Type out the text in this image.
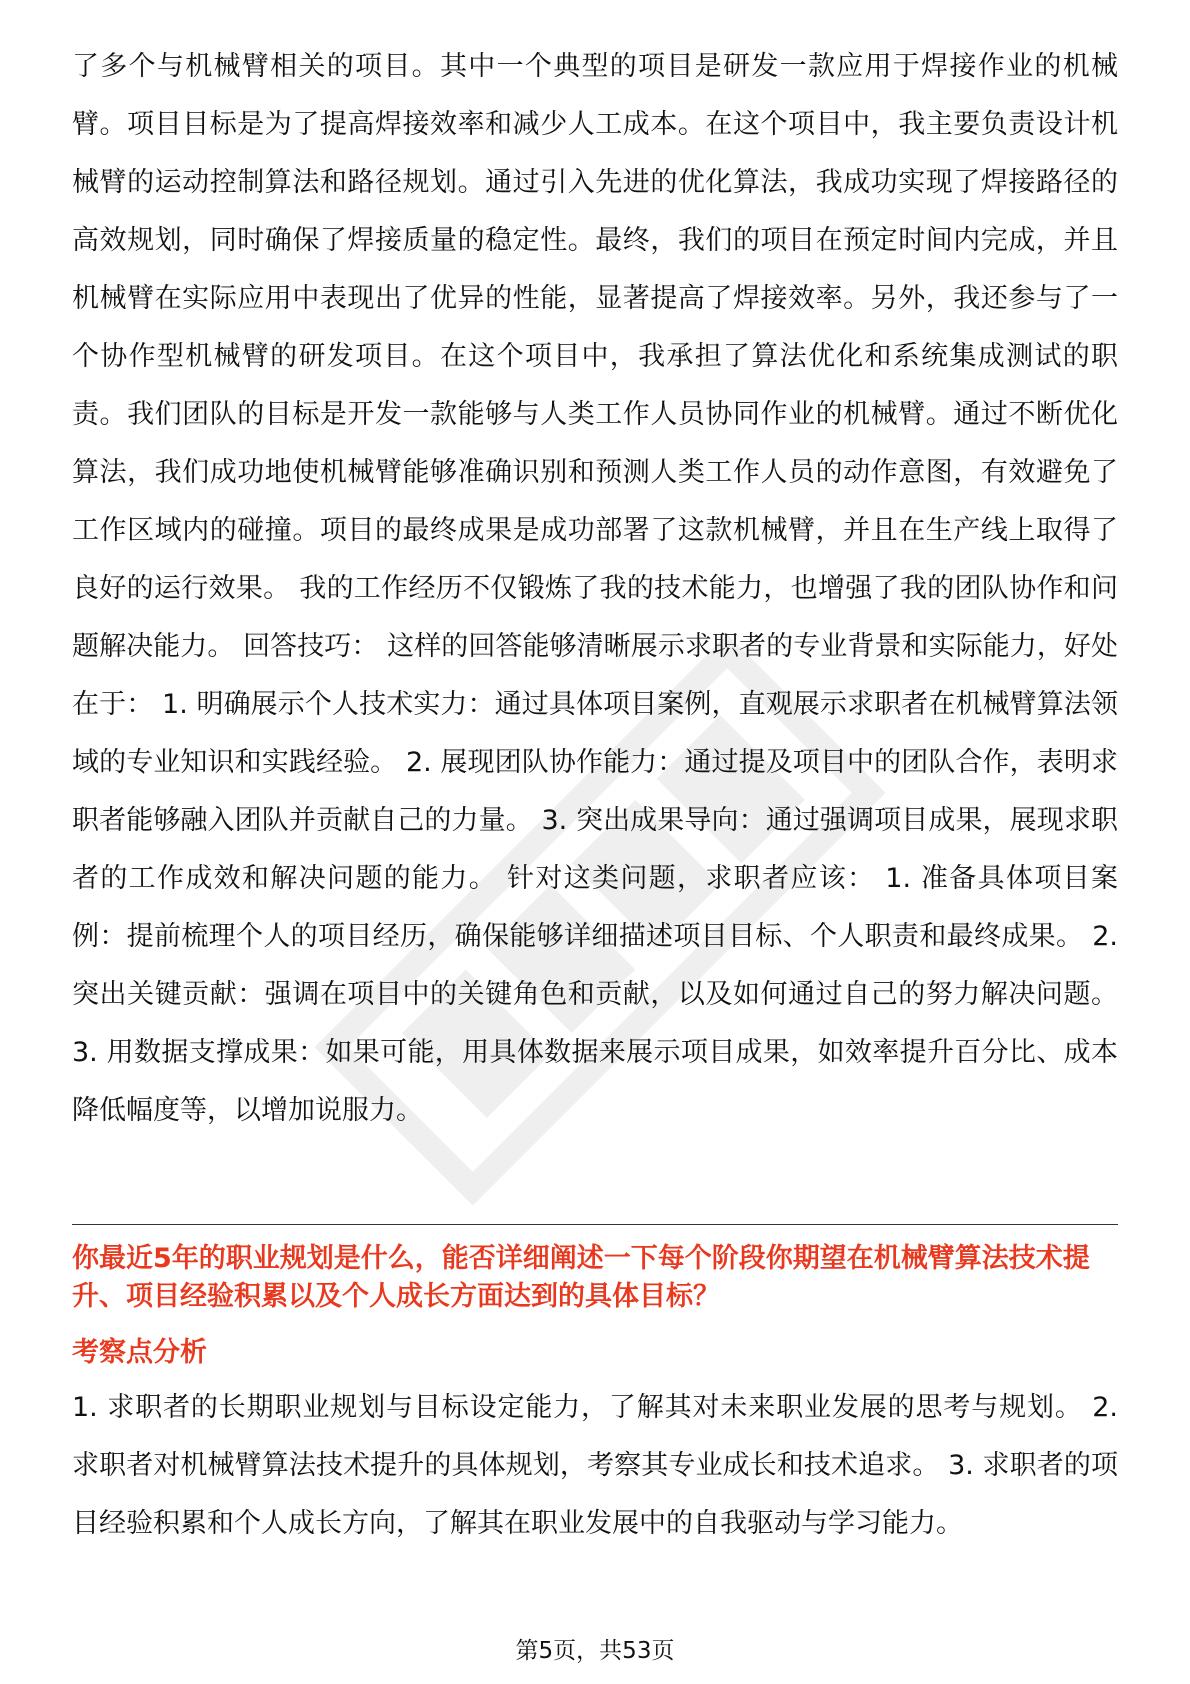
了多个与机械臂相关的项目。其中一个典型的项目是研发一款应用于焊接作业的机械臂。项目目标是为了提高焊接效率和减少人工成本。在这个项目中，我主要负责设计机械臂的运动控制算法和路径规划。通过引入先进的优化算法，我成功实现了焊接路径的高效规划，同时确保了焊接质量的稳定性。最终，我们的项目在预定时间内完成，并且机械臂在实际应用中表现出了优异的性能，显著提高了焊接效率。另外，我还参与了一个协作型机械臂的研发项目。在这个项目中，我承担了算法优化和系统集成测试的职责。我们团队的目标是开发一款能够与人类工作人员协同作业的机械臂。通过不断优化算法，我们成功地使机械臂能够准确识别和预测人类工作人员的动作意图，有效避免了工作区域内的碰撞。项目的最终成果是成功部署了这款机械臂，并且在生产线上取得了良好的运行效果。 我的工作经历不仅锻炼了我的技术能力，也增强了我的团队协作和问题解决能力。 回答技巧： 这样的回答能够清晰展示求职者的专业背景和实际能力，好处在于： 1. 明确展示个人技术实力：通过具体项目案例，直观展示求职者在机械臂算法领域的专业知识和实践经验。 2. 展现团队协作能力：通过提及项目中的团队合作，表明求职者能够融入团队并贡献自己的力量。 3. 突出成果导向：通过强调项目成果，展现求职者的工作成效和解决问题的能力。 针对这类问题，求职者应该： 1. 准备具体项目案例：提前梳理个人的项目经历，确保能够详细描述项目目标、个人职责和最终成果。 2. 突出关键贡献：强调在项目中的关键角色和贡献，以及如何通过自己的努力解决问题。 3. 用数据支撑成果：如果可能，用具体数据来展示项目成果，如效率提升百分比、成本降低幅度等，以增加说服力。

你最近5年的职业规划是什么，能否详细阐述一下每个阶段你期望在机械臂算法技术提升、项目经验积累以及个人成长方面达到的具体目标？

考察点分析

1. 求职者的长期职业规划与目标设定能力，了解其对未来职业发展的思考与规划。 2. 求职者对机械臂算法技术提升的具体规划，考察其专业成长和技术追求。 3. 求职者的项目经验积累和个人成长方向，了解其在职业发展中的自我驱动与学习能力。

第5页，共53页
